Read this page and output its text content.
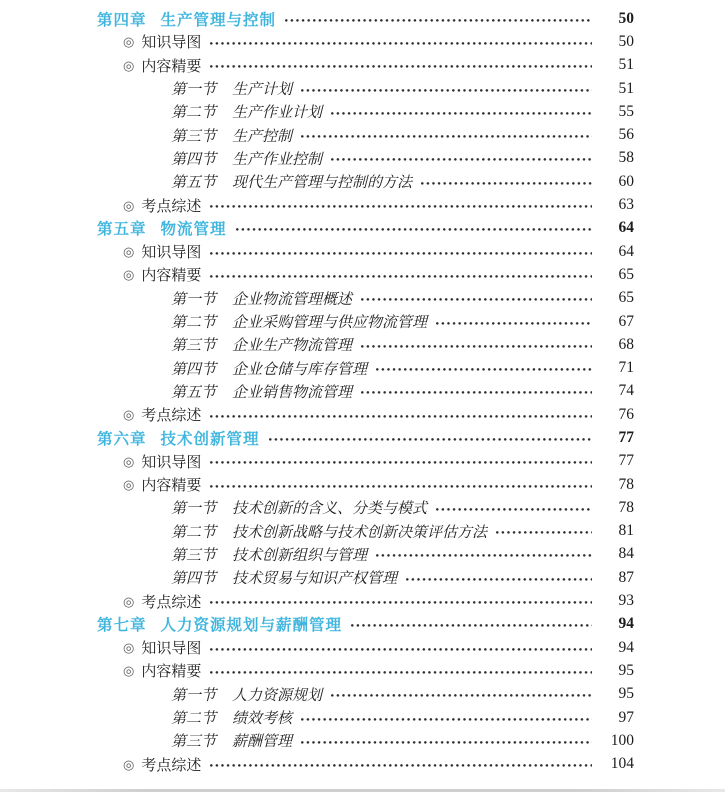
第四章 生产管理与控制	50
◎ 知识导图	50
◎ 内容精要	51
第一节 生产计划	51
第二节 生产作业计划	55
第三节 生产控制	56
第四节 生产作业控制	58
第五节 现代生产管理与控制的方法	60
◎ 考点综述	63
第五章 物流管理	64
◎ 知识导图	64
◎ 内容精要	65
第一节 企业物流管理概述	65
第二节 企业采购管理与供应物流管理	67
第三节 企业生产物流管理	68
第四节 企业仓储与库存管理	71
第五节 企业销售物流管理	74
◎ 考点综述	76
第六章 技术创新管理	77
◎ 知识导图	77
◎ 内容精要	78
第一节 技术创新的含义、分类与模式	78
第二节 技术创新战略与技术创新决策评估方法	81
第三节 技术创新组织与管理	84
第四节 技术贸易与知识产权管理	87
◎ 考点综述	93
第七章 人力资源规划与薪酬管理	94
◎ 知识导图	94
◎ 内容精要	95
第一节 人力资源规划	95
第二节 绩效考核	97
第三节 薪酬管理	100
◎ 考点综述	104
